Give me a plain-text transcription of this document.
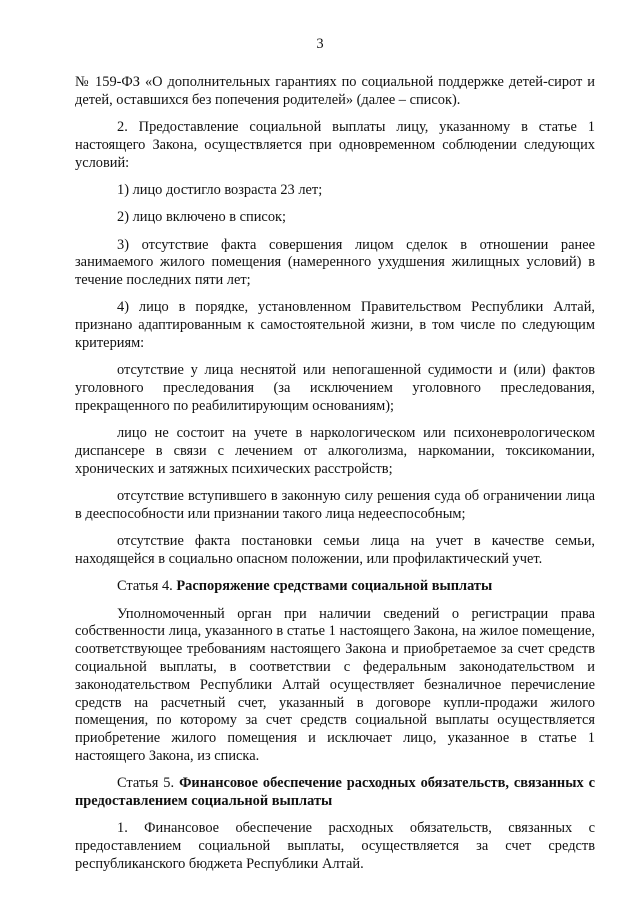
3

№ 159-ФЗ «О дополнительных гарантиях по социальной поддержке детей-сирот и детей, оставшихся без попечения родителей» (далее – список).

2. Предоставление социальной выплаты лицу, указанному в статье 1 настоящего Закона, осуществляется при одновременном соблюдении следующих условий:

1) лицо достигло возраста 23 лет;

2) лицо включено в список;

3) отсутствие факта совершения лицом сделок в отношении ранее занимаемого жилого помещения (намеренного ухудшения жилищных условий) в течение последних пяти лет;

4) лицо в порядке, установленном Правительством Республики Алтай, признано адаптированным к самостоятельной жизни, в том числе по следующим критериям:

отсутствие у лица неснятой или непогашенной судимости и (или) фактов уголовного преследования (за исключением уголовного преследования, прекращенного по реабилитирующим основаниям);

лицо не состоит на учете в наркологическом или психоневрологическом диспансере в связи с лечением от алкоголизма, наркомании, токсикомании, хронических и затяжных психических расстройств;

отсутствие вступившего в законную силу решения суда об ограничении лица в дееспособности или признании такого лица недееспособным;

отсутствие факта постановки семьи лица на учет в качестве семьи, находящейся в социально опасном положении, или профилактический учет.

Статья 4. Распоряжение средствами социальной выплаты

Уполномоченный орган при наличии сведений о регистрации права собственности лица, указанного в статье 1 настоящего Закона, на жилое помещение, соответствующее требованиям настоящего Закона и приобретаемое за счет средств социальной выплаты, в соответствии с федеральным законодательством и законодательством Республики Алтай осуществляет безналичное перечисление средств на расчетный счет, указанный в договоре купли-продажи жилого помещения, по которому за счет средств социальной выплаты осуществляется приобретение жилого помещения и исключает лицо, указанное в статье 1 настоящего Закона, из списка.

Статья 5. Финансовое обеспечение расходных обязательств, связанных с предоставлением социальной выплаты

1. Финансовое обеспечение расходных обязательств, связанных с предоставлением социальной выплаты, осуществляется за счет средств республиканского бюджета Республики Алтай.
